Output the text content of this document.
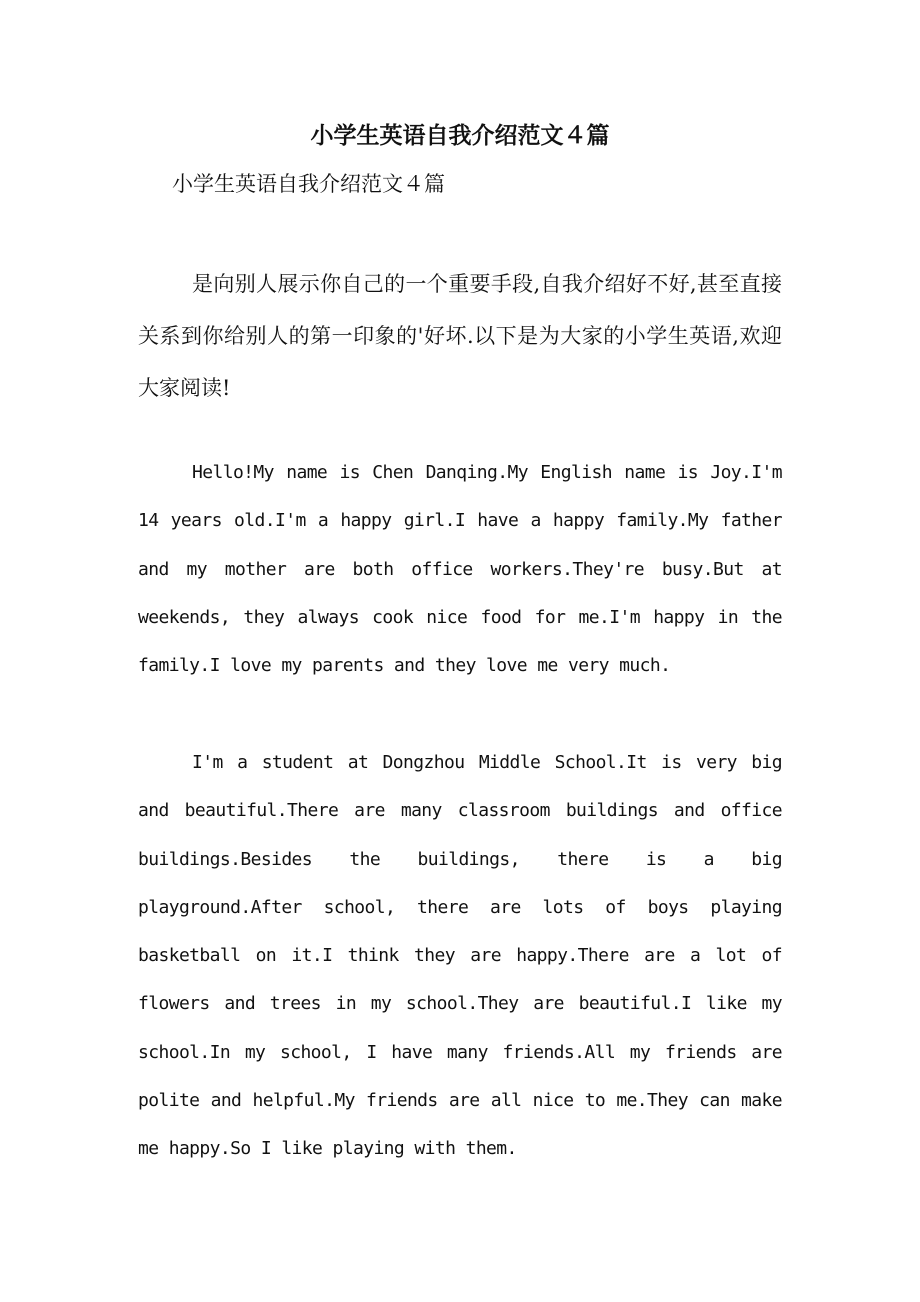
小学生英语自我介绍范文４篇
小学生英语自我介绍范文４篇

是向别人展示你自己的一个重要手段,自我介绍好不好,甚至直接关系到你给别人的第一印象的'好坏.以下是为大家的小学生英语,欢迎大家阅读!

Hello!My name is Chen Danqing.My English name is Joy.I'm 14 years old.I'm a happy girl.I have a happy family.My father and my mother are both office workers.They're busy.But at weekends, they always cook nice food for me.I'm happy in the family.I love my parents and they love me very much.

I'm a student at Dongzhou Middle School.It is very big and beautiful.There are many classroom buildings and office buildings.Besides the buildings, there is a big playground.After school, there are lots of boys playing basketball on it.I think they are happy.There are a lot of flowers and trees in my school.They are beautiful.I like my school.In my school, I have many friends.All my friends are polite and helpful.My friends are all nice to me.They can make me happy.So I like playing with them.
